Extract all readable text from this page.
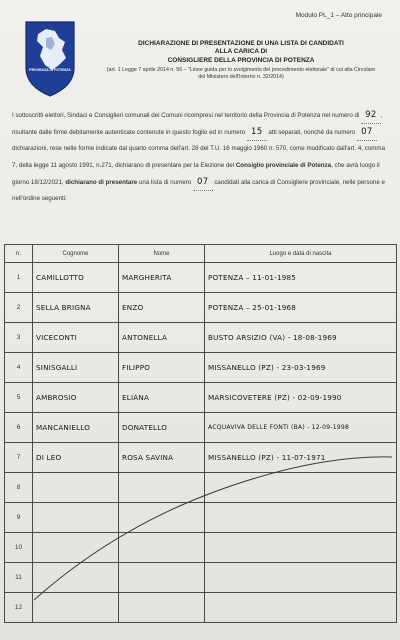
Modulo PL_1 – Atto principale
PROVINCIA DI POTENZA
DICHIARAZIONE DI PRESENTAZIONE DI UNA LISTA DI CANDIDATI
ALLA CARICA DI
CONSIGLIERE DELLA PROVINCIA DI POTENZA
(art. 1 Legge 7 aprile 2014 n. 56 – "Linee guida per lo svolgimento del procedimento elettorale" di cui alla Circolare del Ministero dell'Interno n. 32/2014)
I sottoscritti elettori, Sindaci e Consiglieri comunali dei Comuni ricompresi nel territorio della Provincia di Potenza nel numero di 92 , risultante dalle firme debitamente autenticate contenute in questo foglio ed in numero 15 atti separati, nonché da numero 07 dichiarazioni, rese nelle forme indicate dal quarto comma dell'art. 28 del T.U. 16 maggio 1960 n. 570, come modificato dall'art. 4, comma 7, della legge 11 agosto 1991, n.271, dichiarano di presentare per la Elezione del Consiglio provinciale di Potenza, che avrà luogo il giorno 18/12/2021, dichiarano di presentare una lista di numero 07 candidati alla carica di Consigliere provinciale, nelle persone e nell'ordine seguenti:
n.	Cognome	Nome	Luogo e data di nascita
1	CAMILLOTTO	MARGHERITA	POTENZA – 11-01-1985
2	SELLA BRIGNA	ENZO	POTENZA – 25-01-1968
3	VICECONTI	ANTONELLA	BUSTO ARSIZIO (VA) - 18-08-1969
4	SINISGALLI	FILIPPO	MISSANELLO (PZ) - 23-03-1969
5	AMBROSIO	ELIANA	MARSICOVETERE (PZ) - 02-09-1990
6	MANCANIELLO	DONATELLO	ACQUAVIVA DELLE FONTI (BA) - 12-09-1998
7	DI LEO	ROSA SAVINA	MISSANELLO (PZ) - 11-07-1971
8			
9			
10			
11			
12			
